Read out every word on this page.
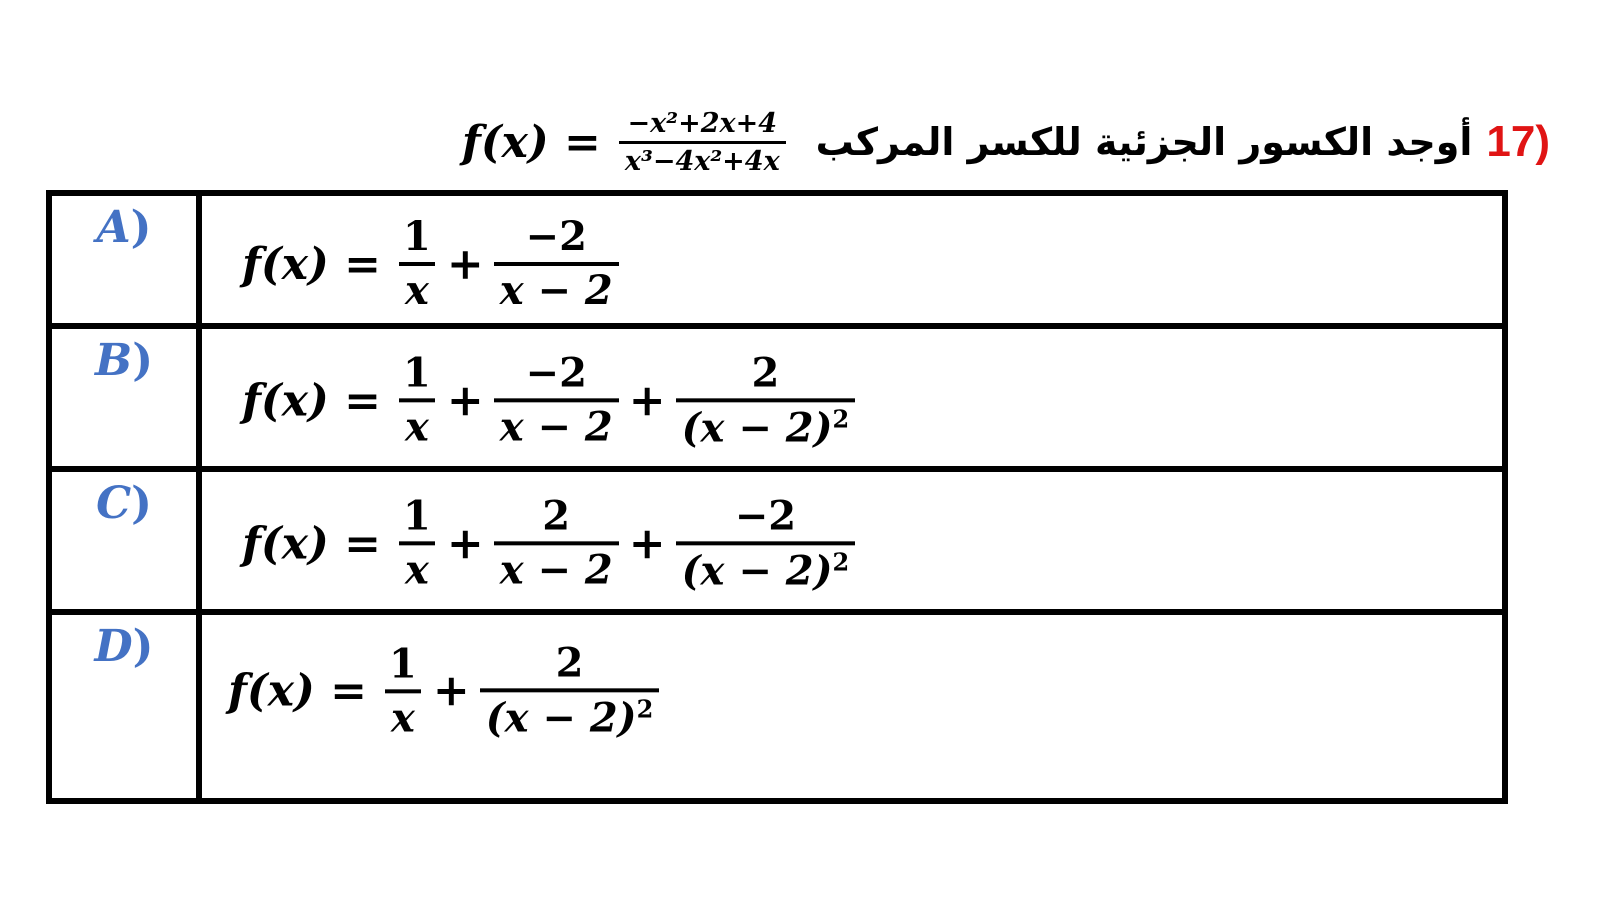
$f(x) = \frac{\text{−x²+2x+4}}{\text{x³−4x²+4x}}$ أوجد الكسور الجزئية للكسر المركب 17)
A)
$f(x) = \frac{1}{x} + \frac{-2}{x - 2}$
B)
$f(x) = \frac{1}{x} + \frac{-2}{x - 2} + \frac{2}{(x - 2)^2}$
C)
$f(x) = \frac{1}{x} + \frac{2}{x - 2} + \frac{-2}{(x - 2)^2}$
D)
$f(x) = \frac{1}{x} + \frac{2}{(x - 2)^2}$
